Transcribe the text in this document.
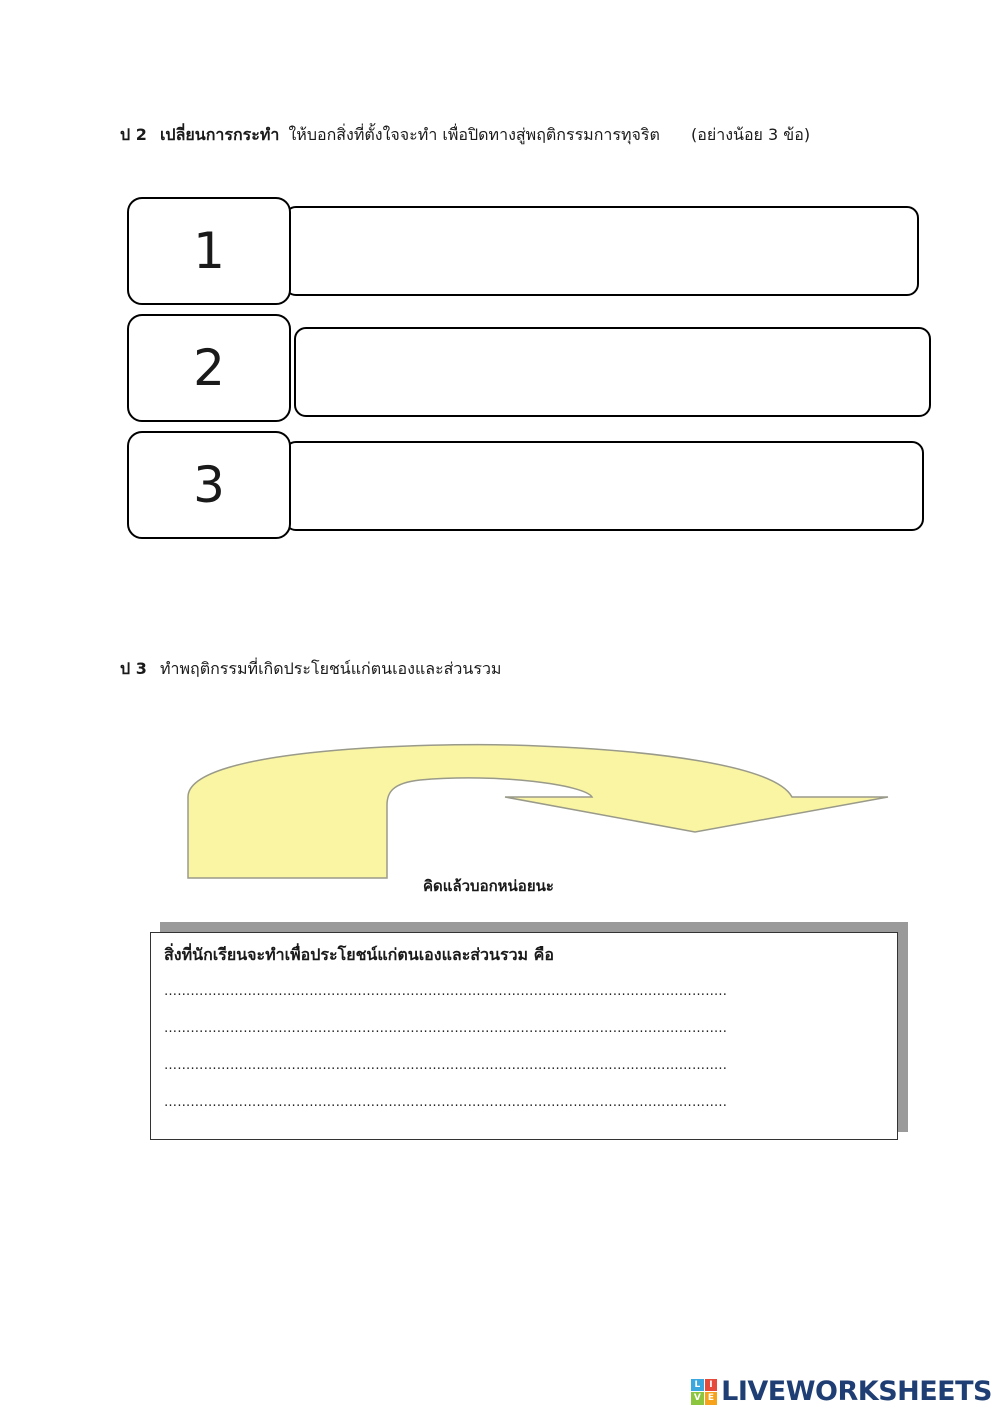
ป 2 เปลี่ยนการกระทำ ให้บอกสิ่งที่ตั้งใจจะทำ เพื่อปิดทางสู่พฤติกรรมการทุจริต (อย่างน้อย 3 ข้อ)
1
2
3
ป 3 ทำพฤติกรรมที่เกิดประโยชน์แก่ตนเองและส่วนรวม
คิดแล้วบอกหน่อยนะ
สิ่งที่นักเรียนจะทำเพื่อประโยชน์แก่ตนเองและส่วนรวม คือ
………………………………………………………………………………………………………………..
………………………………………………………………………………………………………………..
………………………………………………………………………………………………………………..
………………………………………………………………………………………………………………..
L I
V E LIVEWORKSHEETS
